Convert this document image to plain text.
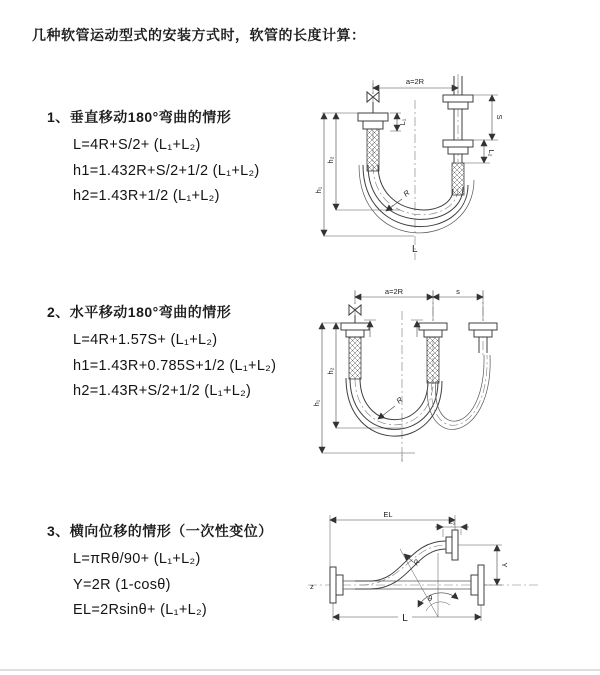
几种软管运动型式的安装方式时，软管的长度计算：

1、垂直移动180°弯曲的情形

L=4R+S/2+ (L₁+L₂)

h1=1.432R+S/2+1/2 (L₁+L₂)

h2=1.43R+1/2 (L₁+L₂)

2、水平移动180°弯曲的情形

L=4R+1.57S+ (L₁+L₂)

h1=1.43R+0.785S+1/2 (L₁+L₂)

h2=1.43R+S/2+1/2 (L₁+L₂)

3、横向位移的情形（一次性变位）

L=πRθ/90+ (L₁+L₂)

Y=2R (1-cosθ)

EL=2Rsinθ+ (L₁+L₂)

a=2R
L₁
S
L₂
h₂
h₁	R
L
a=2R	s
h₂
h₁	R
z
EL
L₁
Y
θ
R
L
